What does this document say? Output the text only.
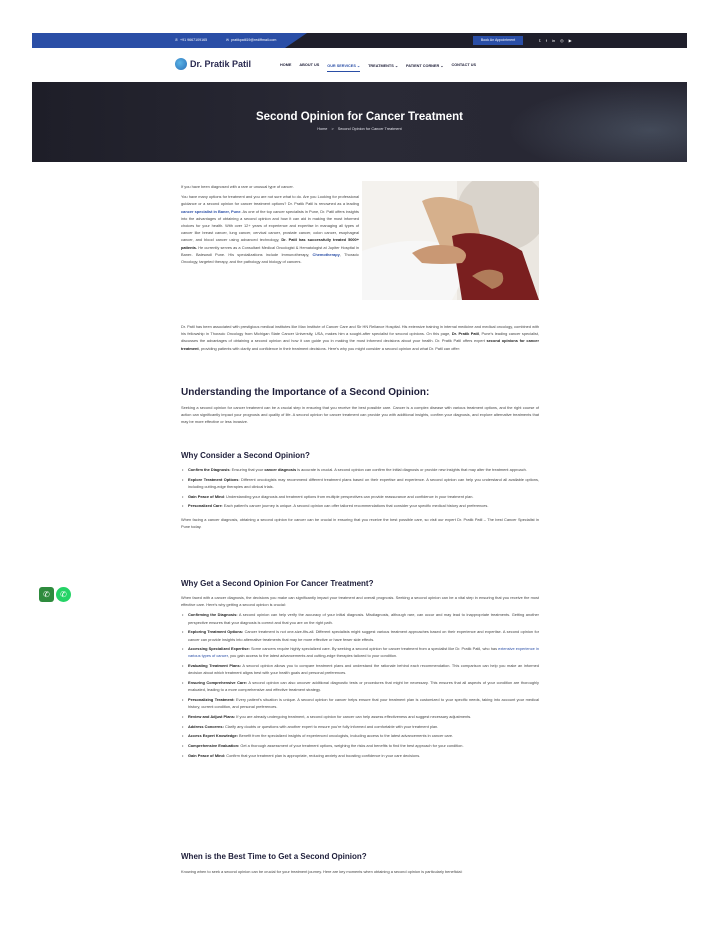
✆ +91 9667109165	✉ pratikpatil19@rediffmail.com	Book An Appointment	𝕥 f in ◎ ▶
Dr. Pratik Patil	HOME ABOUT US OUR SERVICES ⌄ TREATMENTS ⌄ PATIENT CORNER ⌄ CONTACT US
Second Opinion for Cancer Treatment
Home > Second Opinion for Cancer Treatment

If you have been diagnosed with a rare or unusual type of cancer.

You have many options for treatment and you are not sure what to do. Are you Looking for professional guidance or a second opinion for cancer treatment options? Dr. Pratik Patil is renowned as a leading cancer specialist in Baner, Pune. As one of the top cancer specialists in Pune, Dr. Patil offers insights into the advantages of obtaining a second opinion and how it can aid in making the most informed choices for your health. With over 12+ years of experience and expertise in managing all types of cancer like breast cancer, lung cancer, cervical cancer, prostate cancer, colon cancer, esophageal cancer, and blood cancer using advanced technology, Dr. Patil has successfully treated 5000+ patients. He currently serves as a Consultant Medical Oncologist & Hematologist at Jupiter Hospital in Baner- Balewadi Pune. His specializations include Immunotherapy, Chemotherapy, Thoracic Oncology, targeted therapy, and the pathology and biology of cancers.

Dr. Patil has been associated with prestigious medical institutes like Max Institute of Cancer Care and Sir HN Reliance Hospital. His extensive training in internal medicine and medical oncology, combined with his fellowship in Thoracic Oncology from Michigan State Cancer University, USA, makes him a sought-after specialist for second opinions. On this page, Dr. Pratik Patil, Pune's leading cancer specialist, discusses the advantages of obtaining a second opinion and how it can guide you in making the most informed decisions about your health. Dr. Pratik Patil offers expert second opinions for cancer treatment, providing patients with clarity and confidence in their treatment decisions. Here's why you might consider a second opinion and what Dr. Patil can offer:

Understanding the Importance of a Second Opinion:

Seeking a second opinion for cancer treatment can be a crucial step in ensuring that you receive the best possible care. Cancer is a complex disease with various treatment options, and the right course of action can significantly impact your prognosis and quality of life. A second opinion for cancer treatment can provide you with additional insights, confirm your diagnosis, and explore alternative treatments that may be more effective or less invasive.

Why Consider a Second Opinion?
• Confirm the Diagnosis: Ensuring that your cancer diagnosis is accurate is crucial. A second opinion can confirm the initial diagnosis or provide new insights that may alter the treatment approach.
• Explore Treatment Options: Different oncologists may recommend different treatment plans based on their expertise and experience. A second opinion can help you understand all available options, including cutting-edge therapies and clinical trials.
• Gain Peace of Mind: Understanding your diagnosis and treatment options from multiple perspectives can provide reassurance and confidence in your treatment plan.
• Personalized Care: Each patient's cancer journey is unique. A second opinion can offer tailored recommendations that consider your specific medical history and preferences.

When facing a cancer diagnosis, obtaining a second opinion for cancer can be crucial in ensuring that you receive the best possible care, so visit our expert Dr. Pratik Patil – The best Cancer Specialist in Pune today.

Why Get a Second Opinion For Cancer Treatment?

When faced with a cancer diagnosis, the decisions you make can significantly impact your treatment and overall prognosis. Seeking a second opinion can be a vital step in ensuring that you receive the most effective care. Here's why getting a second opinion is crucial:

• Confirming the Diagnosis: A second opinion can help verify the accuracy of your initial diagnosis. Misdiagnosis, although rare, can occur and may lead to inappropriate treatments. Getting another perspective ensures that your diagnosis is correct and that you are on the right path.
• Exploring Treatment Options: Cancer treatment is not one-size-fits-all. Different specialists might suggest various treatment approaches based on their experience and expertise. A second opinion for cancer can provide insights into alternative treatments that may be more effective or have fewer side effects.
• Accessing Specialized Expertise: Some cancers require highly specialized care. By seeking a second opinion for cancer treatment from a specialist like Dr. Pratik Patil, who has extensive experience in various types of cancer, you gain access to the latest advancements and cutting-edge therapies tailored to your condition.
• Evaluating Treatment Plans: A second opinion allows you to compare treatment plans and understand the rationale behind each recommendation. This comparison can help you make an informed decision about which treatment aligns best with your health goals and personal preferences.
• Ensuring Comprehensive Care: A second opinion can also uncover additional diagnostic tests or procedures that might be necessary. This ensures that all aspects of your condition are thoroughly evaluated, leading to a more comprehensive and effective treatment strategy.
• Personalizing Treatment: Every patient's situation is unique. A second opinion for cancer helps ensure that your treatment plan is customized to your specific needs, taking into account your medical history, current condition, and personal preferences.
• Review and Adjust Plans: If you are already undergoing treatment, a second opinion for cancer can help assess effectiveness and suggest necessary adjustments.
• Address Concerns: Clarify any doubts or questions with another expert to ensure you're fully informed and comfortable with your treatment plan.
• Access Expert Knowledge: Benefit from the specialized insights of experienced oncologists, including access to the latest advancements in cancer care.
• Comprehensive Evaluation: Get a thorough assessment of your treatment options, weighing the risks and benefits to find the best approach for your condition.
• Gain Peace of Mind: Confirm that your treatment plan is appropriate, reducing anxiety and boosting confidence in your care decisions.
When is the Best Time to Get a Second Opinion?

Knowing when to seek a second opinion can be crucial for your treatment journey. Here are key moments when obtaining a second opinion is particularly beneficial:

✆ ✆
